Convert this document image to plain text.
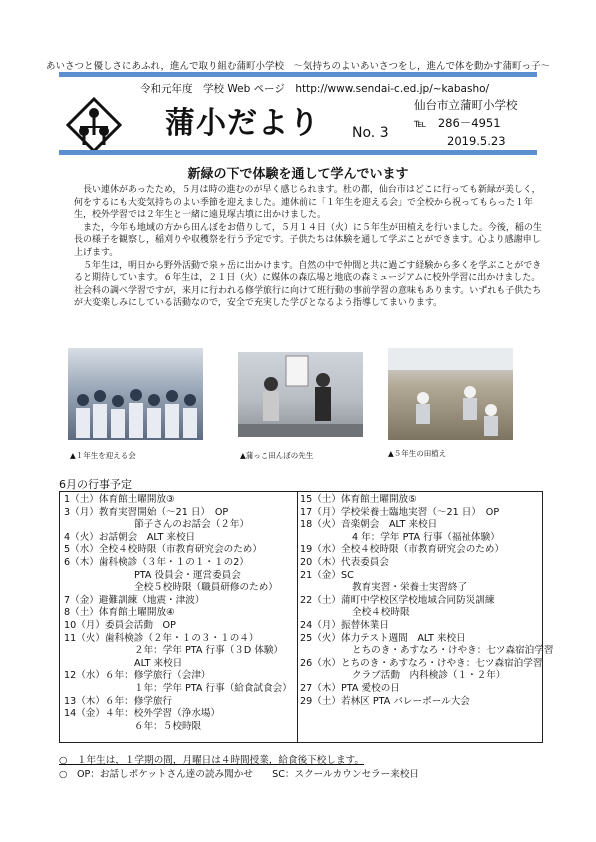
あいさつと優しさにあふれ，進んで取り組む蒲町小学校　～気持ちのよいあいさつをし，進んで体を動かす蒲町っ子～
令和元年度　学校 Web ページ　http://www.sendai-c.ed.jp/~kabasho/
蒲小だより No. 3
仙台市立蒲町小学校
℡　286－4951
2019.5.23
新緑の下で体験を通して学んでいます

長い連休があったため，５月は時の進むのが早く感じられます。杜の都，仙台市はどこに行っても新緑が美しく，何をするにも大変気持ちのよい季節を迎えました。連休前に「１年生を迎える会」で全校から祝ってもらった１年生，校外学習では２年生と一緒に遠見塚古墳に出かけました。

また，今年も地域の方から田んぼをお借りして，５月１４日（火）に５年生が田植えを行いました。今後，稲の生長の様子を観察し，稲刈りや収穫祭を行う予定です。子供たちは体験を通して学ぶことができます。心より感謝申し上げます。

５年生は，明日から野外活動で泉ヶ岳に出かけます。自然の中で仲間と共に過ごす経験から多くを学ぶことができると期待しています。６年生は，２１日（火）に媒体の森広場と地底の森ミュージアムに校外学習に出かけました。社会科の調べ学習ですが，来月に行われる修学旅行に向けて班行動の事前学習の意味もあります。いずれも子供たちが大変楽しみにしている活動なので，安全で充実した学びとなるよう指導してまいります。

▲１年生を迎える会	▲蒲っこ田んぼの先生	▲５年生の田植え
6月の行事予定
1（土）体育館土曜開放③
3（月）教育実習開始（～21 日）　OP
節子さんのお話会（２年）
4（火）お話朝会　ALT 来校日
5（水）全校４校時限（市教育研究会のため）
6（木）歯科検診（３年・１の１・１の2）
PTA 役員会・運営委員会
全校５校時限（職員研修のため）
7（金）避難訓練（地震・津波）
8（土）体育館土曜開放④
10（月）委員会活動　OP
11（火）歯科検診（２年・１の３・１の４）
２年：学年 PTA 行事（３D 体験）
ALT 来校日
12（水）６年：修学旅行（会津）
１年：学年 PTA 行事（給食試食会）
13（木）６年：修学旅行
14（金）４年：校外学習（浄水場）
６年：５校時限
15（土）体育館土曜開放⑤
17（月）学校栄養士臨地実習（～21 日）　OP
18（火）音楽朝会　ALT 来校日
4 年：学年 PTA 行事（福祉体験）
19（水）全校４校時限（市教育研究会のため）
20（木）代表委員会
21（金）SC
教育実習・栄養士実習終了
22（土）蒲町中学校区学校地域合同防災訓練
全校４校時限
24（月）振替休業日
25（火）体力テスト週間　ALT 来校日
とちのき・あすなろ・けやき：七ツ森宿泊学習
26（水）とちのき・あすなろ・けやき：七ツ森宿泊学習
クラブ活動　内科検診（１・２年）
27（木）PTA 愛校の日
29（土）若林区 PTA バレーボール大会
○　１年生は，１学期の間，月曜日は４時間授業，給食後下校します。
○　OP：お話しポケットさん達の読み聞かせ　　SC：スクールカウンセラー来校日
